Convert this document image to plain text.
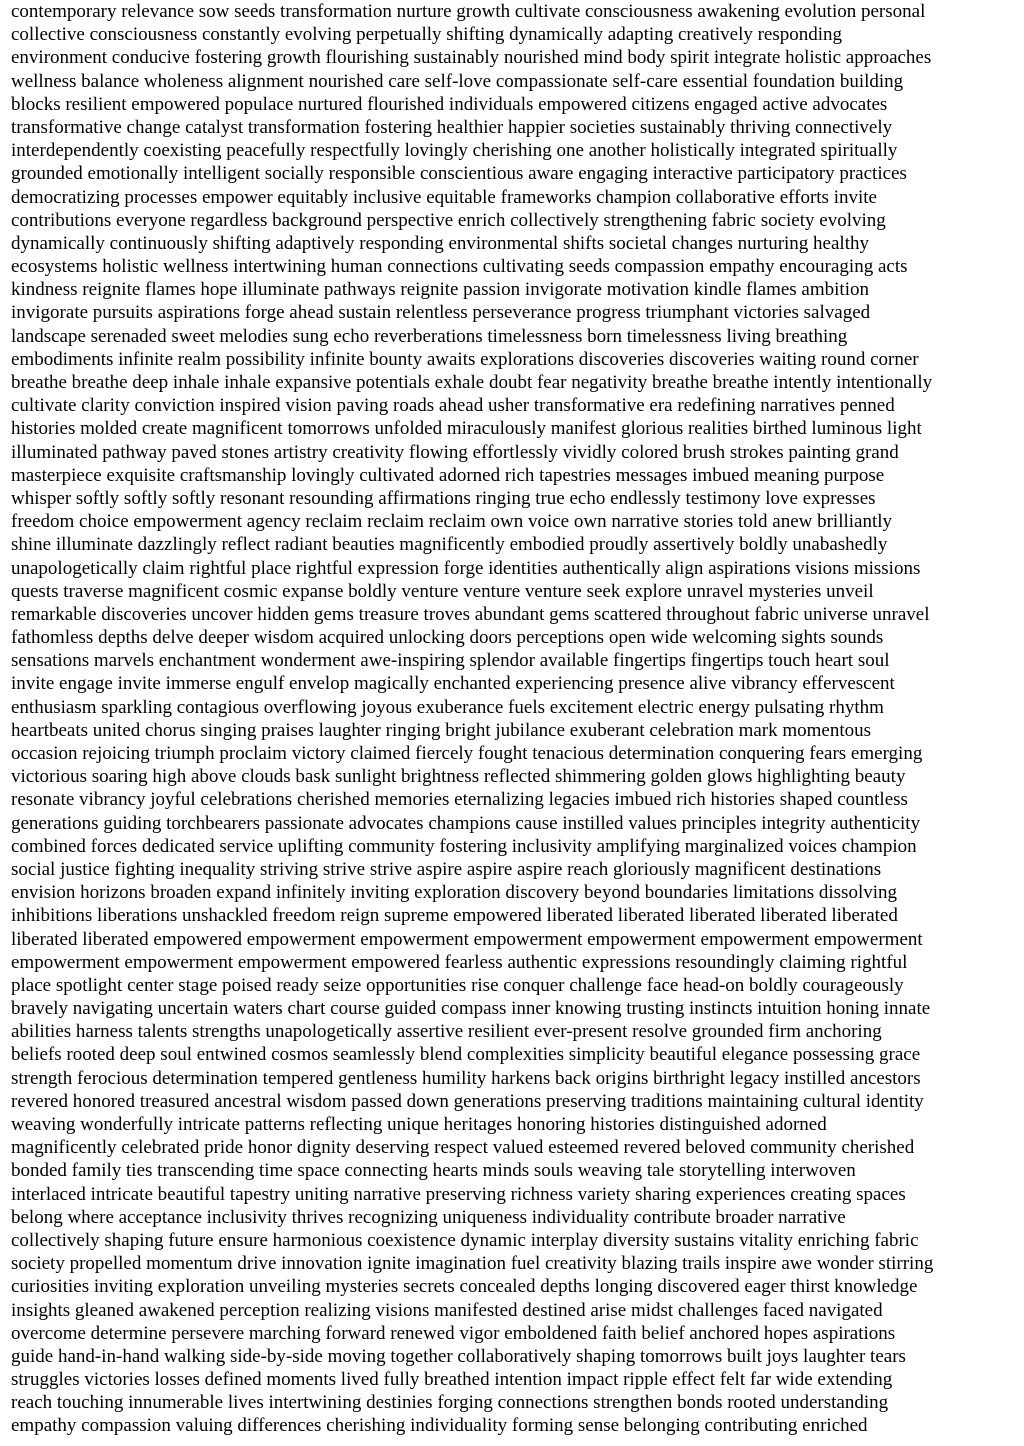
contemporary relevance sow seeds transformation nurture growth cultivate consciousness awakening evolution personal
collective consciousness constantly evolving perpetually shifting dynamically adapting creatively responding
environment conducive fostering growth flourishing sustainably nourished mind body spirit integrate holistic approaches
wellness balance wholeness alignment nourished care self-love compassionate self-care essential foundation building
blocks resilient empowered populace nurtured flourished individuals empowered citizens engaged active advocates
transformative change catalyst transformation fostering healthier happier societies sustainably thriving connectively
interdependently coexisting peacefully respectfully lovingly cherishing one another holistically integrated spiritually
grounded emotionally intelligent socially responsible conscientious aware engaging interactive participatory practices
democratizing processes empower equitably inclusive equitable frameworks champion collaborative efforts invite
contributions everyone regardless background perspective enrich collectively strengthening fabric society evolving
dynamically continuously shifting adaptively responding environmental shifts societal changes nurturing healthy
ecosystems holistic wellness intertwining human connections cultivating seeds compassion empathy encouraging acts
kindness reignite flames hope illuminate pathways reignite passion invigorate motivation kindle flames ambition
invigorate pursuits aspirations forge ahead sustain relentless perseverance progress triumphant victories salvaged
landscape serenaded sweet melodies sung echo reverberations timelessness born timelessness living breathing
embodiments infinite realm possibility infinite bounty awaits explorations discoveries discoveries waiting round corner
breathe breathe deep inhale inhale expansive potentials exhale doubt fear negativity breathe breathe intently intentionally
cultivate clarity conviction inspired vision paving roads ahead usher transformative era redefining narratives penned
histories molded create magnificent tomorrows unfolded miraculously manifest glorious realities birthed luminous light
illuminated pathway paved stones artistry creativity flowing effortlessly vividly colored brush strokes painting grand
masterpiece exquisite craftsmanship lovingly cultivated adorned rich tapestries messages imbued meaning purpose
whisper softly softly softly resonant resounding affirmations ringing true echo endlessly testimony love expresses
freedom choice empowerment agency reclaim reclaim reclaim own voice own narrative stories told anew brilliantly
shine illuminate dazzlingly reflect radiant beauties magnificently embodied proudly assertively boldly unabashedly
unapologetically claim rightful place rightful expression forge identities authentically align aspirations visions missions
quests traverse magnificent cosmic expanse boldly venture venture venture seek explore unravel mysteries unveil
remarkable discoveries uncover hidden gems treasure troves abundant gems scattered throughout fabric universe unravel
fathomless depths delve deeper wisdom acquired unlocking doors perceptions open wide welcoming sights sounds
sensations marvels enchantment wonderment awe-inspiring splendor available fingertips fingertips touch heart soul
invite engage invite immerse engulf envelop magically enchanted experiencing presence alive vibrancy effervescent
enthusiasm sparkling contagious overflowing joyous exuberance fuels excitement electric energy pulsating rhythm
heartbeats united chorus singing praises laughter ringing bright jubilance exuberant celebration mark momentous
occasion rejoicing triumph proclaim victory claimed fiercely fought tenacious determination conquering fears emerging
victorious soaring high above clouds bask sunlight brightness reflected shimmering golden glows highlighting beauty
resonate vibrancy joyful celebrations cherished memories eternalizing legacies imbued rich histories shaped countless
generations guiding torchbearers passionate advocates champions cause instilled values principles integrity authenticity
combined forces dedicated service uplifting community fostering inclusivity amplifying marginalized voices champion
social justice fighting inequality striving strive strive aspire aspire aspire reach gloriously magnificent destinations
envision horizons broaden expand infinitely inviting exploration discovery beyond boundaries limitations dissolving
inhibitions liberations unshackled freedom reign supreme empowered liberated liberated liberated liberated liberated
liberated liberated empowered empowerment empowerment empowerment empowerment empowerment empowerment
empowerment empowerment empowerment empowered fearless authentic expressions resoundingly claiming rightful
place spotlight center stage poised ready seize opportunities rise conquer challenge face head-on boldly courageously
bravely navigating uncertain waters chart course guided compass inner knowing trusting instincts intuition honing innate
abilities harness talents strengths unapologetically assertive resilient ever-present resolve grounded firm anchoring
beliefs rooted deep soul entwined cosmos seamlessly blend complexities simplicity beautiful elegance possessing grace
strength ferocious determination tempered gentleness humility harkens back origins birthright legacy instilled ancestors
revered honored treasured ancestral wisdom passed down generations preserving traditions maintaining cultural identity
weaving wonderfully intricate patterns reflecting unique heritages honoring histories distinguished adorned
magnificently celebrated pride honor dignity deserving respect valued esteemed revered beloved community cherished
bonded family ties transcending time space connecting hearts minds souls weaving tale storytelling interwoven
interlaced intricate beautiful tapestry uniting narrative preserving richness variety sharing experiences creating spaces
belong where acceptance inclusivity thrives recognizing uniqueness individuality contribute broader narrative
collectively shaping future ensure harmonious coexistence dynamic interplay diversity sustains vitality enriching fabric
society propelled momentum drive innovation ignite imagination fuel creativity blazing trails inspire awe wonder stirring
curiosities inviting exploration unveiling mysteries secrets concealed depths longing discovered eager thirst knowledge
insights gleaned awakened perception realizing visions manifested destined arise midst challenges faced navigated
overcome determine persevere marching forward renewed vigor emboldened faith belief anchored hopes aspirations
guide hand-in-hand walking side-by-side moving together collaboratively shaping tomorrows built joys laughter tears
struggles victories losses defined moments lived fully breathed intention impact ripple effect felt far wide extending
reach touching innumerable lives intertwining destinies forging connections strengthen bonds rooted understanding
empathy compassion valuing differences cherishing individuality forming sense belonging contributing enriched
